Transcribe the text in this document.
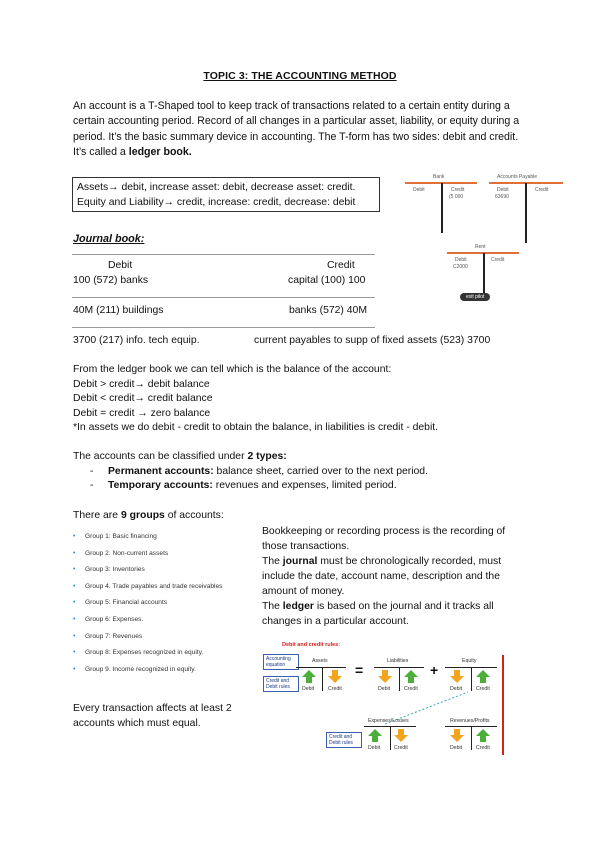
TOPIC 3: THE ACCOUNTING METHOD
An account is a T-Shaped tool to keep track of transactions related to a certain entity during a certain accounting period. Record of all changes in a particular asset, liability, or equity during a period. It’s the basic summary device in accounting. The T-form has two sides: debit and credit. It’s called a ledger book.
Assets→ debit, increase asset: debit, decrease asset: credit.
Equity and Liability→ credit, increase: credit, decrease: debit
Bank
Debit	Credit
(5 000
Accounts Payable
Debit
63690
Credit
Rent
Debit
C2000
Credit
exit pilot
Journal book:
Debit	Credit
100 (572) banks	capital (100) 100
40M (211) buildings	banks (572) 40M
3700 (217) info. tech equip.	current payables to supp of fixed assets (523) 3700
From the ledger book we can tell which is the balance of the account:
Debit > credit→ debit balance
Debit < credit→ credit balance
Debit = credit → zero balance
*In assets we do debit - credit to obtain the balance, in liabilities is credit - debit.
The accounts can be classified under 2 types:
- Permanent accounts: balance sheet, carried over to the next period.
- Temporary accounts: revenues and expenses, limited period.
There are 9 groups of accounts:
• Group 1: Basic financing
• Group 2. Non-current assets
• Group 3: Inventories
• Group 4. Trade payables and trade receivables
• Group 5: Financial accounts
• Group 6: Expenses.
• Group 7: Revenues
• Group 8: Expenses recognized in equity.
• Group 9. Income recognized in equity.
Bookkeeping or recording process is the recording of those transactions.
The journal must be chronologically recorded, must include the date, account name, description and the amount of money.
The ledger is based on the journal and it tracks all changes in a particular account.
Every transaction affects at least 2 accounts which must equal.
Debit and credit rules:
Accounting equation
Credit and Debit rules
Assets
Debit	Credit
=
Liabilities
Debit	Credit
+
Equity
Debit	Credit
Expenses/Losses
Debit	Credit
Revenues/Profits
Debit	Credit
Credit and Debit rules
